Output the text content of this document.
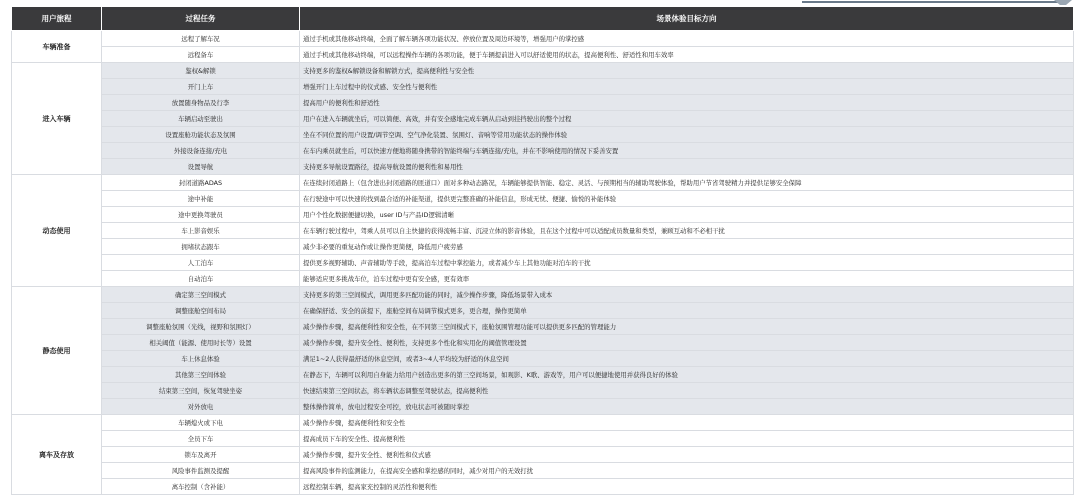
用户旅程	过程任务	场景体验目标方向
车辆准备	远程了解车况	通过手机或其他移动终端，全面了解车辆各项功能状况、停放位置及周边环境等，增强用户的掌控感
	远程备车	通过手机或其他移动终端，可以远程操作车辆的各项功能，便于车辆提前进入可以舒适使用的状态，提高便利性、舒适性和用车效率
进入车辆	鉴权&解锁	支持更多的鉴权&解锁设备和解锁方式，提高便利性与安全性
	开门上车	增强开门上车过程中的仪式感、安全性与便利性
	放置随身物品及行李	提高用户的便利性和舒适性
	车辆启动至驶出	用户在进入车辆就坐后，可以简便、高效，并有安全感地完成车辆从启动到挂挡驶出的整个过程
	设置座舱功能状态及氛围	坐在不同位置的用户设置/调节空调、空气净化装置、氛围灯、音响等常用功能状态的操作体验
	外接设备连接/充电	在车内乘员就坐后，可以快速方便地将随身携带的智能终端与车辆连接/充电，并在不影响使用的情况下妥善安置
	设置导航	支持更多导航设置路径，提高导航设置的便利性和易用性
动态使用	封闭道路ADAS	在连续封闭道路上（包含进出封闭道路的匝道口）面对多种动态路况，车辆能够提供智能、稳定、灵活、与预期相当的辅助驾驶体验，帮助用户节省驾驶精力并提供足够安全保障
	途中补能	在行驶途中可以快速的找到最合适的补能渠道，提供更完整准确的补能信息，形成无忧、便捷、愉悦的补能体验
	途中更换驾驶员	用户个性化数据便捷切换，user ID与产品ID逻辑清晰
	车上影音娱乐	在车辆行驶过程中，驾乘人员可以自主快捷的获得流畅丰富、沉浸立体的影音体验，且在这个过程中可以适配成员数量和类型，兼顾互动和不必相干扰
	拥堵状态跟车	减少非必要的重复动作或让操作更简便，降低用户疲劳感
	人工泊车	提供更多视野辅助、声音辅助等手段，提高泊车过程中掌控能力，或者减少车上其他功能对泊车的干扰
	自动泊车	能够适应更多挑战车位，泊车过程中更有安全感，更有效率
静态使用	确定第三空间模式	支持更多的第三空间模式，调用更多匹配功能的同时，减少操作步骤，降低场景带入成本
	调整座舱空间布局	在确保舒适、安全的前提下，座舱空间布局调节模式更多，更合理，操作更简单
	调整座舱氛围（光线，视野和氛围灯）	减少操作步骤，提高便利性和安全性，在不同第三空间模式下，座舱氛围管理功能可以提供更多匹配的管理能力
	相关阈值（能源、使用时长等）设置	减少操作步骤，提升安全性、便利性，支持更多个性化和实用化的阈值管理设置
	车上休息体验	满足1~2人获得最舒适的休息空间，或者3~4人平均较为舒适的休息空间
	其他第三空间体验	在静态下，车辆可以利用自身能力给用户创造出更多的第三空间场景，如观影、K歌、游戏等，用户可以便捷地使用并获得良好的体验
	结束第三空间，恢复驾驶坐姿	快速结束第三空间状态，将车辆状态调整至驾驶状态，提高便利性
	对外放电	整体操作简单，放电过程安全可控，放电状态可被随时掌控
离车及存放	车辆熄火或下电	减少操作步骤，提高便利性和安全性
	全员下车	提高成员下车的安全性、提高便利性
	锁车及离开	减少操作步骤，提升安全性、便利性和仪式感
	风险事件监测及提醒	提高风险事件的监测能力，在提高安全感和掌控感的同时，减少对用户的无效打扰
	离车控制（含补能）	远程控制车辆，提高家充控制的灵活性和便利性
